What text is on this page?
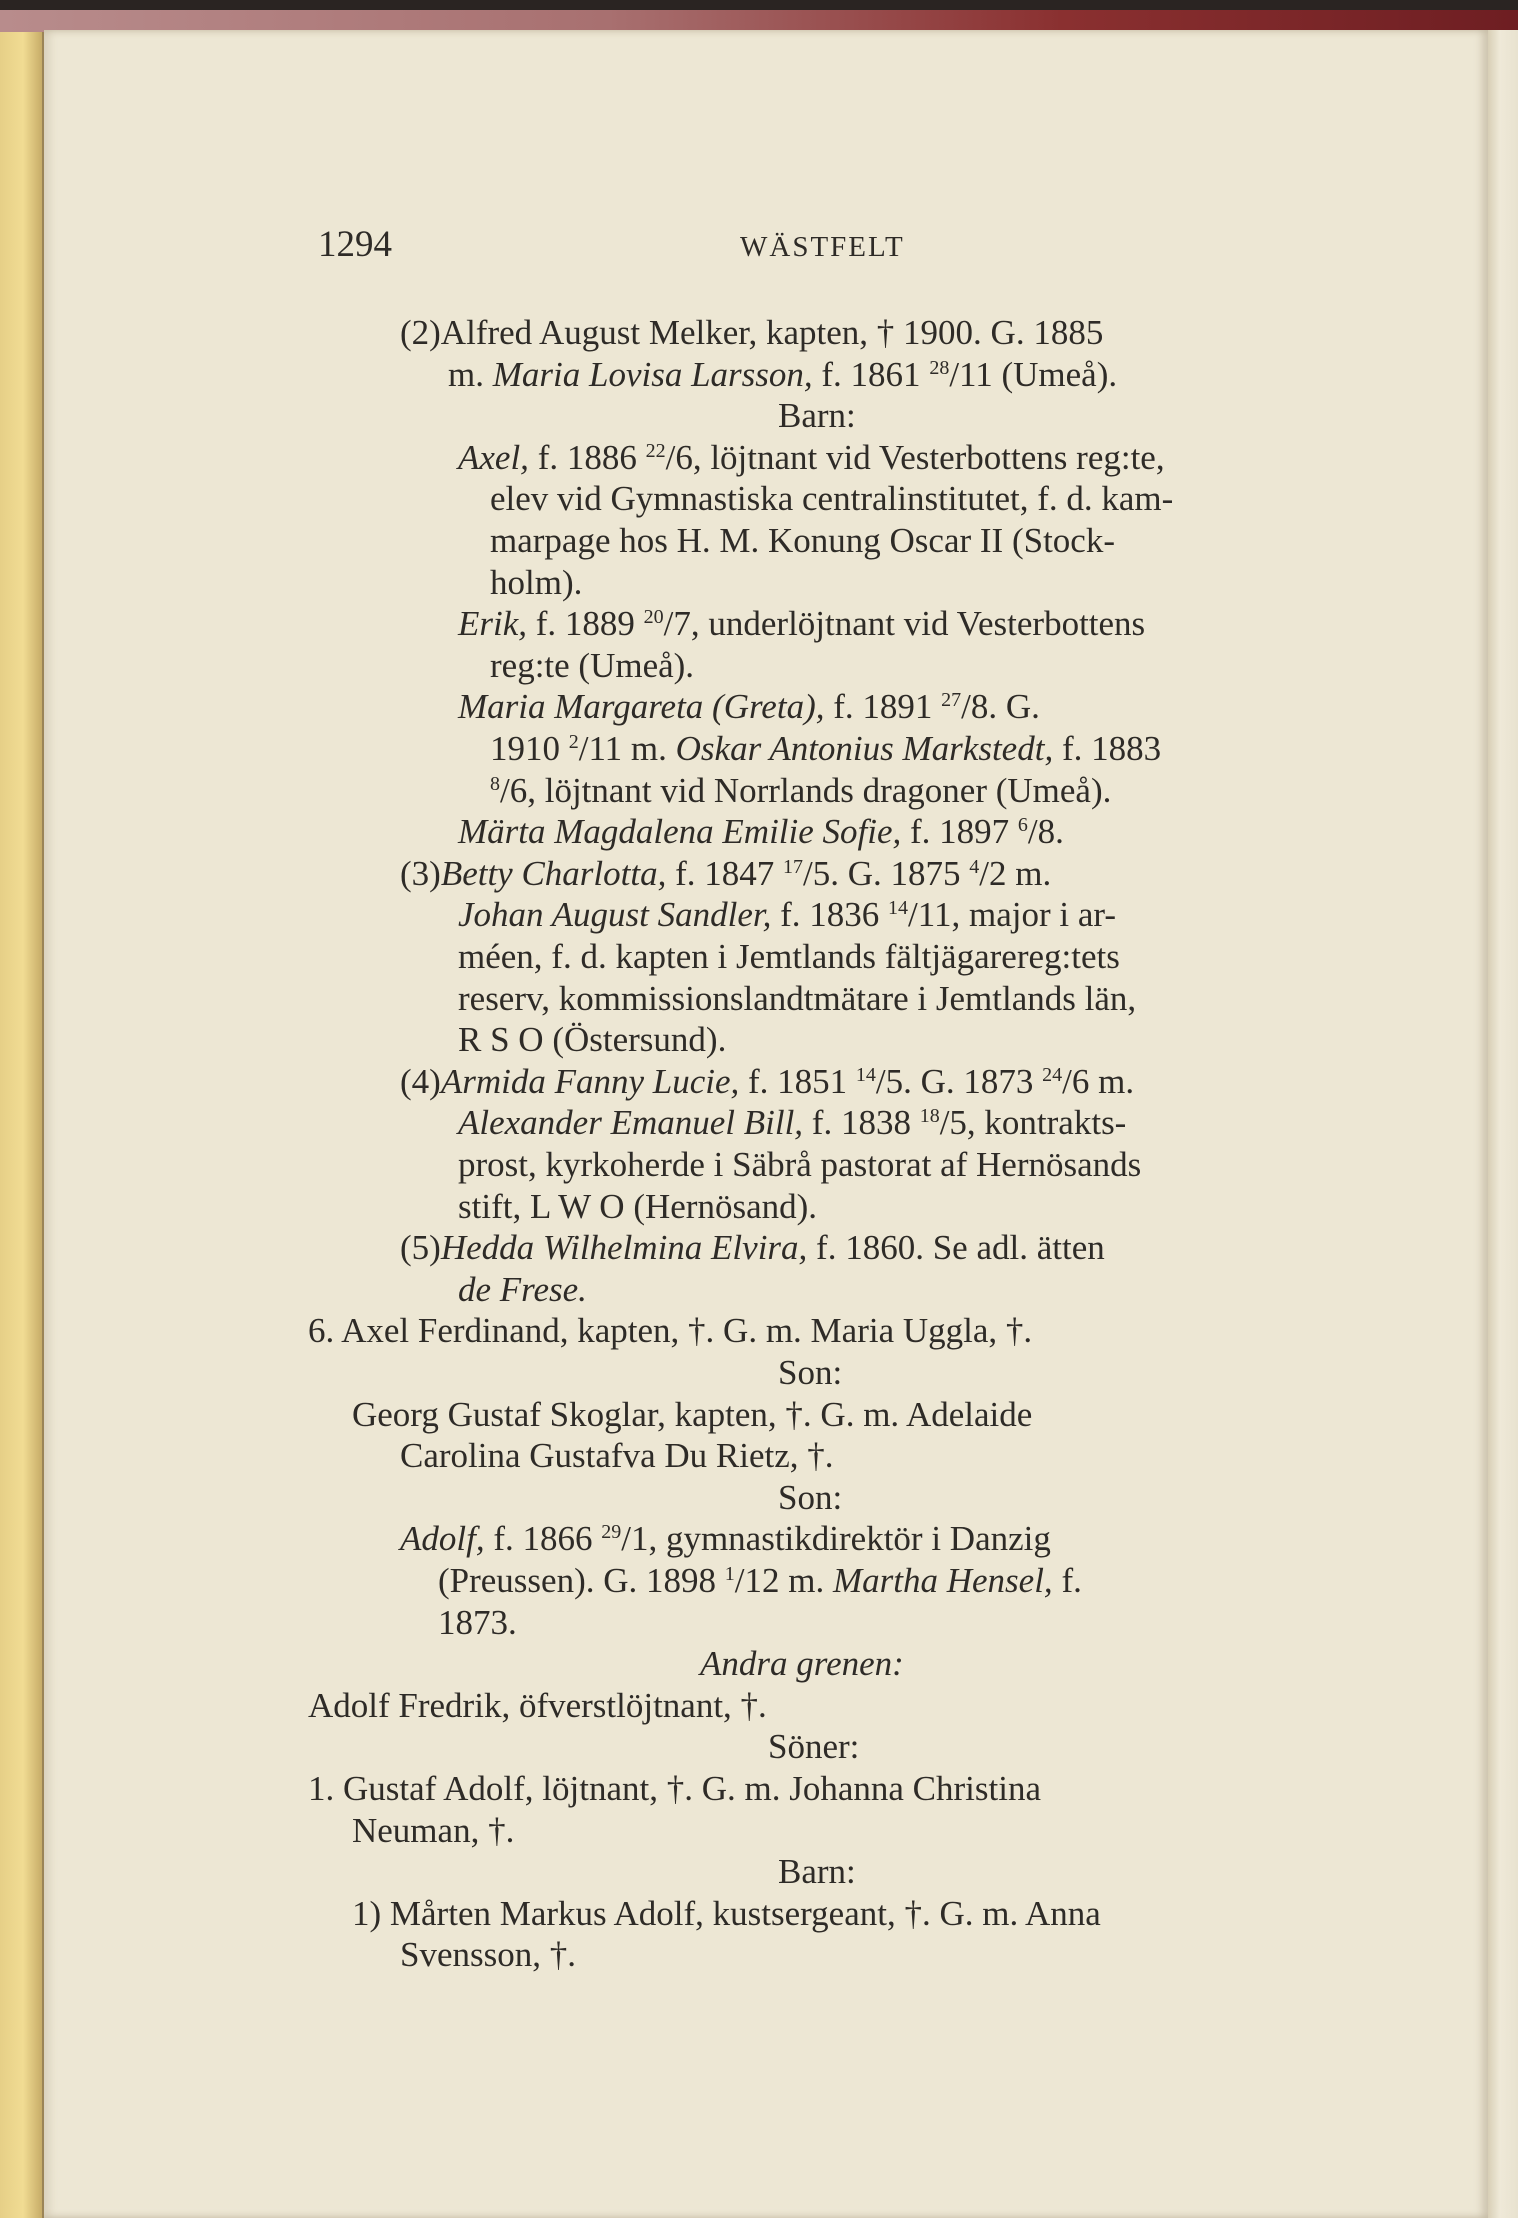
1294	WÄSTFELT
(2)Alfred August Melker, kapten, † 1900. G. 1885
m. Maria Lovisa Larsson, f. 1861 $^{28}$/11 (Umeå).
Barn:
Axel, f. 1886 $^{22}$/6, löjtnant vid Vesterbottens reg:te,
elev vid Gymnastiska centralinstitutet, f. d. kam-
marpage hos H. M. Konung Oscar II (Stock-
holm).
Erik, f. 1889 $^{20}$/7, underlöjtnant vid Vesterbottens
reg:te (Umeå).
Maria Margareta (Greta), f. 1891 $^{27}$/8. G.
1910 $^2$/11 m. Oskar Antonius Markstedt, f. 1883
$^8$/6, löjtnant vid Norrlands dragoner (Umeå).
Märta Magdalena Emilie Sofie, f. 1897 $^6$/8.
(3)Betty Charlotta, f. 1847 $^{17}$/5. G. 1875 $^4$/2 m.
Johan August Sandler, f. 1836 $^{14}$/11, major i ar-
méen, f. d. kapten i Jemtlands fältjägarereg:tets
reserv, kommissionslandtmätare i Jemtlands län,
R S O (Östersund).
(4)Armida Fanny Lucie, f. 1851 $^{14}$/5. G. 1873 $^{24}$/6 m.
Alexander Emanuel Bill, f. 1838 $^{18}$/5, kontrakts-
prost, kyrkoherde i Säbrå pastorat af Hernösands
stift, L W O (Hernösand).
(5)Hedda Wilhelmina Elvira, f. 1860. Se adl. ätten
de Frese.
6. Axel Ferdinand, kapten, †. G. m. Maria Uggla, †.
Son:
Georg Gustaf Skoglar, kapten, †. G. m. Adelaide
Carolina Gustafva Du Rietz, †.
Son:
Adolf, f. 1866 $^{29}$/1, gymnastikdirektör i Danzig
(Preussen). G. 1898 $^1$/12 m. Martha Hensel, f.
1873.
Andra grenen:
Adolf Fredrik, öfverstlöjtnant, †.
Söner:
1. Gustaf Adolf, löjtnant, †. G. m. Johanna Christina
Neuman, †.
Barn:
1) Mårten Markus Adolf, kustsergeant, †. G. m. Anna
Svensson, †.
